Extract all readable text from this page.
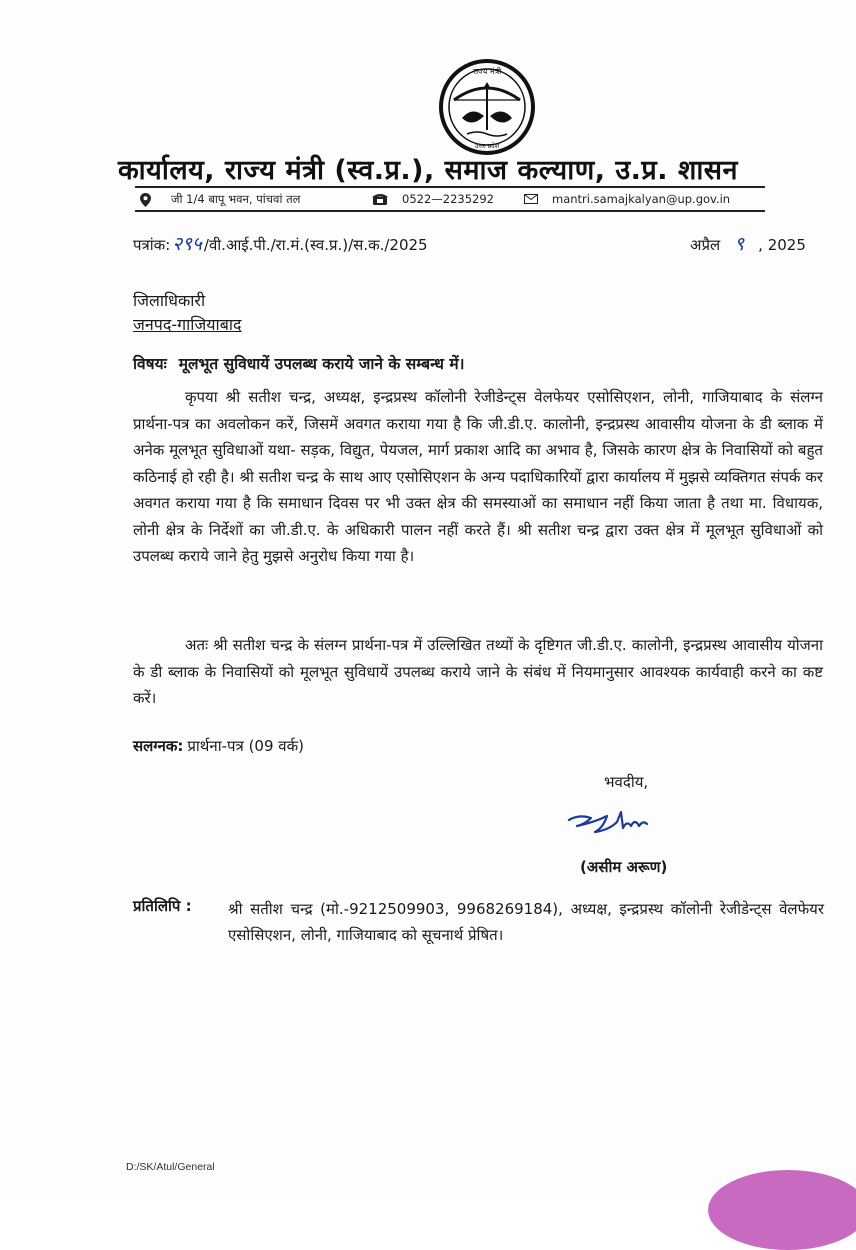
राज्य मंत्री
उत्तर प्रदेश
कार्यालय, राज्य मंत्री (स्व.प्र.), समाज कल्याण, उ.प्र. शासन
जी 1/4 बापू भवन, पांचवां तल	0522—2235292	mantri.samajkalyan@up.gov.in
पत्रांक: २९५ /वी.आई.पी./रा.मं.(स्व.प्र.)/स.क./2025	अप्रैल ९ , 2025
जिलाधिकारी
जनपद-गाजियाबाद
विषयः मूलभूत सुविधायें उपलब्ध कराये जाने के सम्बन्ध में।

कृपया श्री सतीश चन्द्र, अध्यक्ष, इन्द्रप्रस्थ कॉलोनी रेजीडेन्ट्स वेलफेयर एसोसिएशन, लोनी, गाजियाबाद के संलग्न प्रार्थना-पत्र का अवलोकन करें, जिसमें अवगत कराया गया है कि जी.डी.ए. कालोनी, इन्द्रप्रस्थ आवासीय योजना के डी ब्लाक में अनेक मूलभूत सुविधाओं यथा- सड़क, विद्युत, पेयजल, मार्ग प्रकाश आदि का अभाव है, जिसके कारण क्षेत्र के निवासियों को बहुत कठिनाई हो रही है। श्री सतीश चन्द्र के साथ आए एसोसिएशन के अन्य पदाधिकारियों द्वारा कार्यालय में मुझसे व्यक्तिगत संपर्क कर अवगत कराया गया है कि समाधान दिवस पर भी उक्त क्षेत्र की समस्याओं का समाधान नहीं किया जाता है तथा मा. विधायक, लोनी क्षेत्र के निर्देशों का जी.डी.ए. के अधिकारी पालन नहीं करते हैं। श्री सतीश चन्द्र द्वारा उक्त क्षेत्र में मूलभूत सुविधाओं को उपलब्ध कराये जाने हेतु मुझसे अनुरोध किया गया है।

अतः श्री सतीश चन्द्र के संलग्न प्रार्थना-पत्र में उल्लिखित तथ्यों के दृष्टिगत जी.डी.ए. कालोनी, इन्द्रप्रस्थ आवासीय योजना के डी ब्लाक के निवासियों को मूलभूत सुविधायें उपलब्ध कराये जाने के संबंध में नियमानुसार आवश्यक कार्यवाही करने का कष्ट करें।

सलग्नक: प्रार्थना-पत्र (09 वर्क)
भवदीय,
(असीम अरूण)
प्रतिलिपि : श्री सतीश चन्द्र (मो.-9212509903, 9968269184), अध्यक्ष, इन्द्रप्रस्थ कॉलोनी रेजीडेन्ट्स वेलफेयर एसोसिएशन, लोनी, गाजियाबाद को सूचनार्थ प्रेषित।

D:/SK/Atul/General
